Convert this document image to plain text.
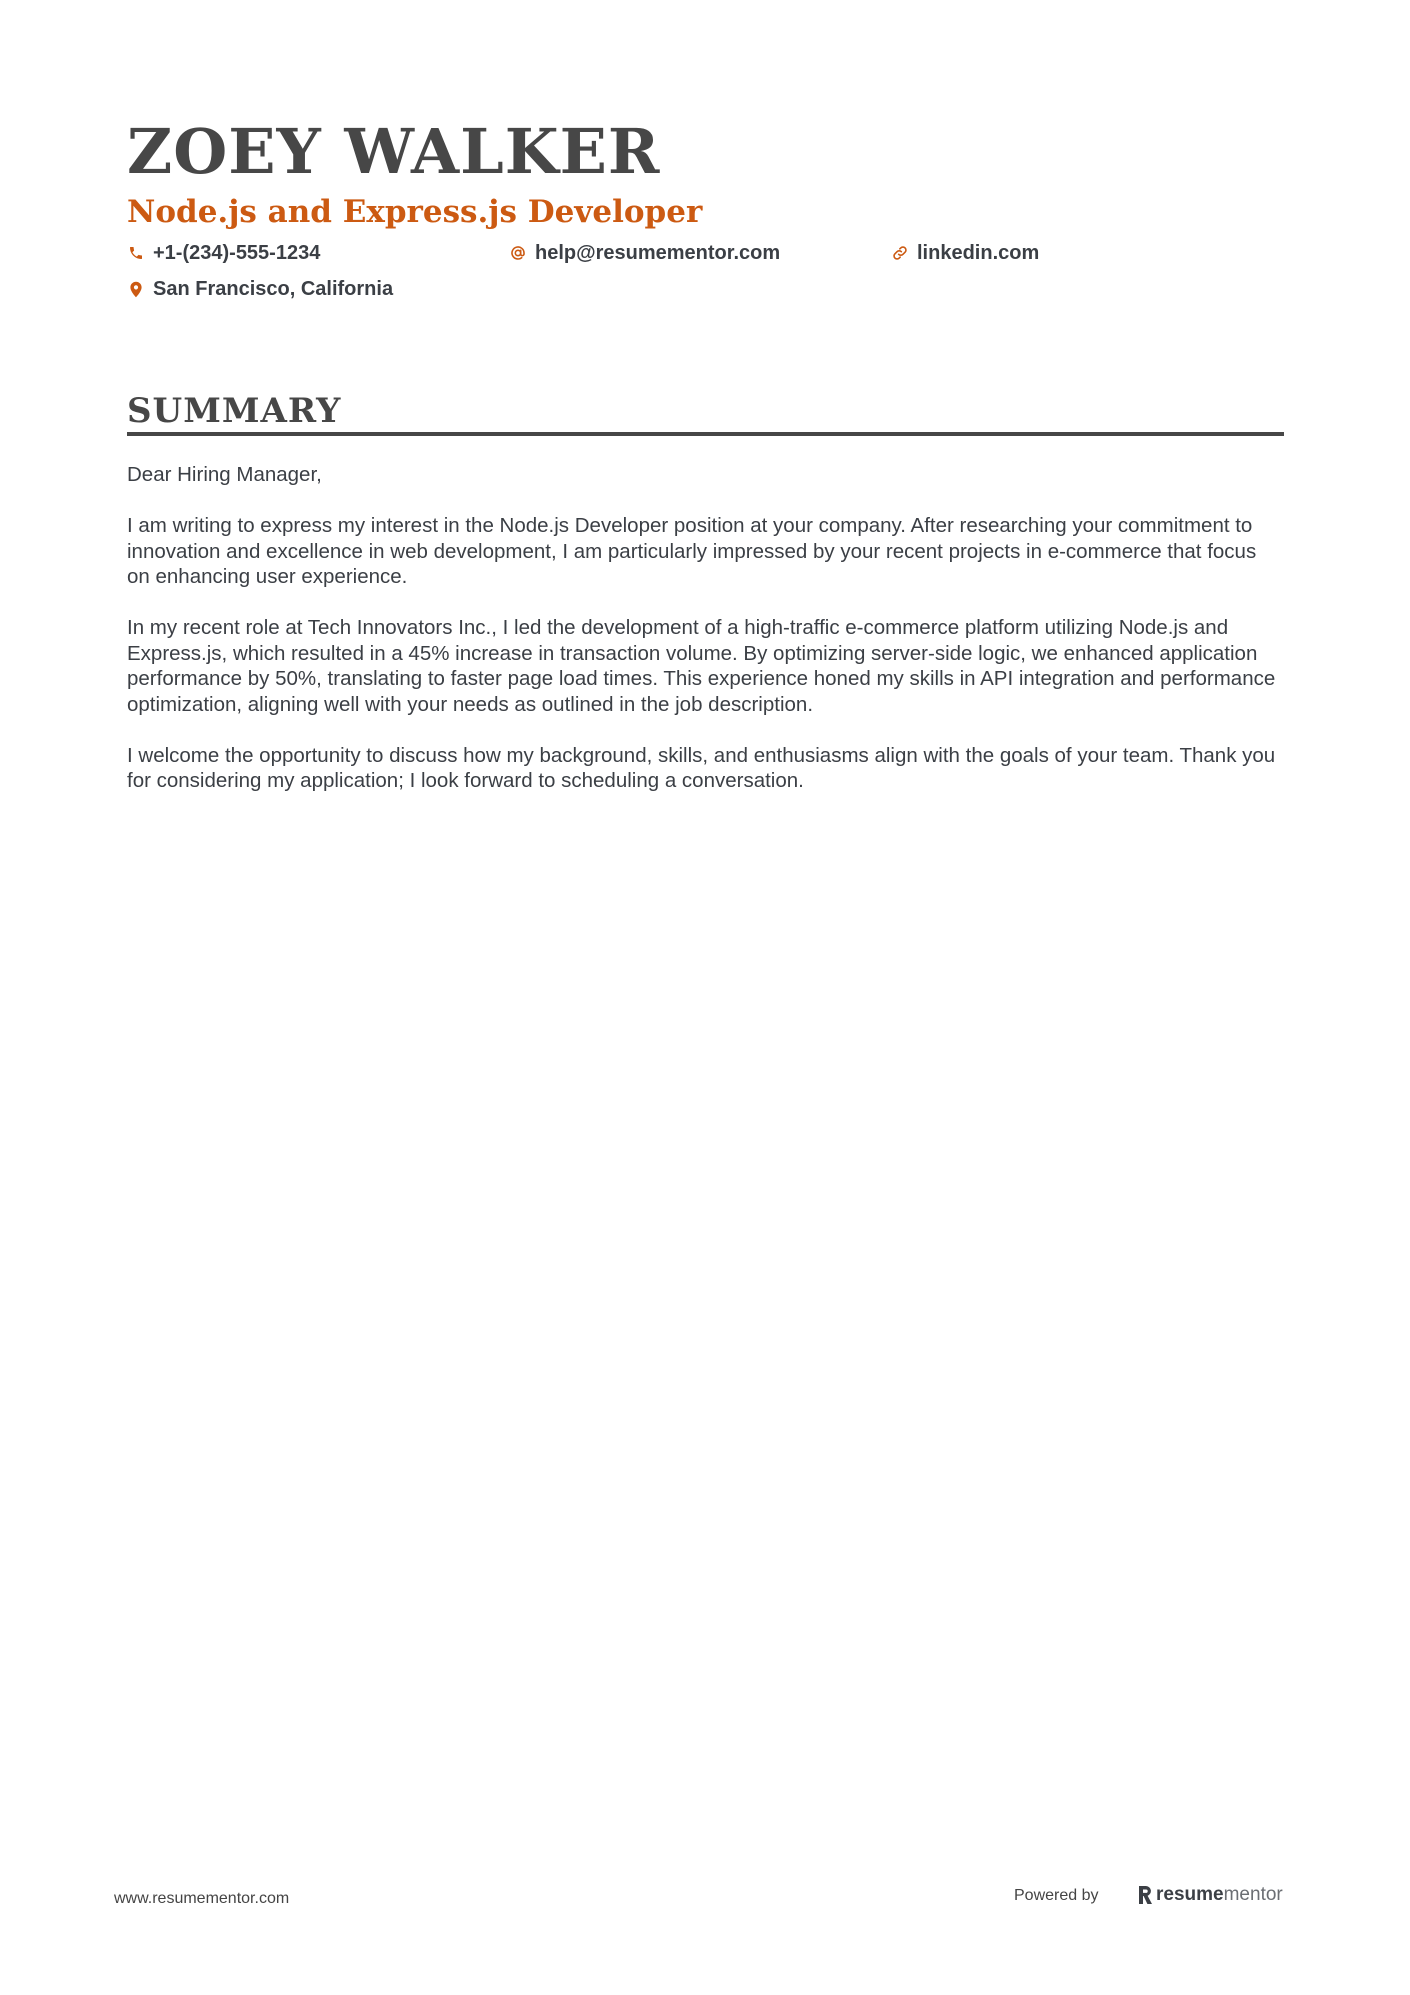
ZOEY WALKER
Node.js and Express.js Developer
+1-(234)-555-1234	help@resumementor.com	linkedin.com
San Francisco, California
SUMMARY

Dear Hiring Manager,

I am writing to express my interest in the Node.js Developer position at your company. After researching your commitment to innovation and excellence in web development, I am particularly impressed by your recent projects in e-commerce that focus on enhancing user experience.

In my recent role at Tech Innovators Inc., I led the development of a high-traffic e-commerce platform utilizing Node.js and Express.js, which resulted in a 45% increase in transaction volume. By optimizing server-side logic, we enhanced application performance by 50%, translating to faster page load times. This experience honed my skills in API integration and performance optimization, aligning well with your needs as outlined in the job description.

I welcome the opportunity to discuss how my background, skills, and enthusiasms align with the goals of your team. Thank you for considering my application; I look forward to scheduling a conversation.

www.resumementor.com	Powered by	resume mentor
